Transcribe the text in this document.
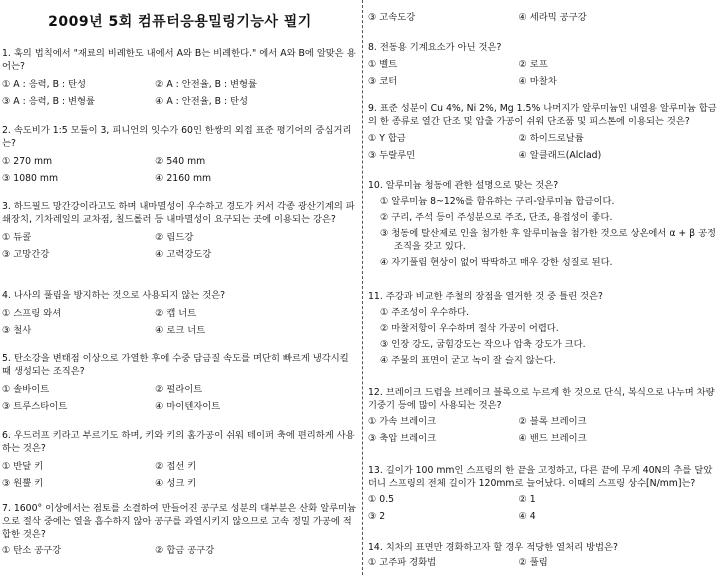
2009년 5회 컴퓨터응용밀링기능사 필기

1. 훅의 법칙에서 "재료의 비례한도 내에서 A와 B는 비례한다." 에서 A와 B에 알맞은 용어는?

① A : 응력, B : 탄성	② A : 안전율, B : 변형률
③ A : 응력, B : 변형률	④ A : 안전율, B : 탄성

2. 속도비가 1:5 모듈이 3, 피니언의 잇수가 60인 한쌍의 외접 표준 평기어의 중심거리는?

① 270 mm	② 540 mm
③ 1080 mm	④ 2160 mm

3. 하드필드 망간강이라고도 하며 내마멸성이 우수하고 경도가 커서 각종 광산기계의 파쇄장치, 기차레일의 교차점, 칠드롤러 등 내마멸성이 요구되는 곳에 이용되는 강은?

① 듀콜	② 림드강
③ 고망간강	④ 고력강도강

4. 나사의 풀림을 방지하는 것으로 사용되지 않는 것은?

① 스프링 와셔	② 캡 너트
③ 철사	④ 로크 너트

5. 탄소강을 변태점 이상으로 가열한 후에 수중 담금질 속도를 며단히 빠르게 냉각시킬 때 생성되는 조직은?

① 솔바이트	② 펄라이트
③ 트루스타이트	④ 마이텐자이트

6. 우드러프 키라고 부르기도 하며, 키와 키의 홈가공이 쉬워 테이퍼 축에 편리하게 사용하는 것은?

① 반달 키	② 접선 키
③ 원뿔 키	④ 성크 키

7. 1600° 이상에서는 점토를 소결하여 만들어진 공구로 성분의 대부분은 산화 알루미늄으로 절삭 중에는 열을 흡수하지 않아 공구를 과열시키지 않으므로 고속 정밀 가공에 적합한 것은?

① 탄소 공구강	② 합금 공구강
③ 고속도강	④ 세라믹 공구강

8. 전동용 기계요소가 아닌 것은?

① 벨트	② 로프
③ 코터	④ 마찰차

9. 표준 성분이 Cu 4%, Ni 2%, Mg 1.5% 나머지가 알루미늄인 내열용 알루미늄 합금의 한 종류로 열간 단조 및 압출 가공이 쉬워 단조품 및 피스톤에 이용되는 것은?

① Y 합금	② 하이드로날륨
③ 두랄루민	④ 알클래드(Alclad)

10. 알루미늄 청동에 관한 설명으로 맞는 것은?

① 알루미늄 8~12%를 함유하는 구리-알루미늄 합금이다.
② 구리, 주석 등이 주성분으로 주조, 단조, 용접성이 좋다.
③ 청동에 탈산제로 인을 첨가한 후 알루미늄을 첨가한 것으로 상온에서 α + β 공정조직을 갖고 있다.
④ 자기풀림 현상이 없어 딱딱하고 매우 강한 성질로 된다.

11. 주강과 비교한 주철의 장점을 열거한 것 중 틀린 것은?

① 주조성이 우수하다.
② 마찰저항이 우수하며 절삭 가공이 어렵다.
③ 인장 강도, 굽힘강도는 작으나 압축 강도가 크다.
④ 주물의 표면이 굳고 녹이 잘 슬지 않는다.

12. 브레이크 드럼을 브레이크 블록으로 누르게 한 것으로 단식, 복식으로 나누며 차량 기중기 등에 많이 사용되는 것은?

① 가속 브레이크	② 블록 브레이크
③ 축압 브레이크	④ 밴드 브레이크

13. 길이가 100 mm인 스프링의 한 끝을 고정하고, 다른 끝에 무게 40N의 추를 달았더니 스프링의 전체 길이가 120mm로 늘어났다. 이때의 스프링 상수[N/mm]는?

① 0.5	② 1
③ 2	④ 4

14. 치차의 표면만 경화하고자 할 경우 적당한 열처리 방법은?

① 고주파 경화법	② 풀림
